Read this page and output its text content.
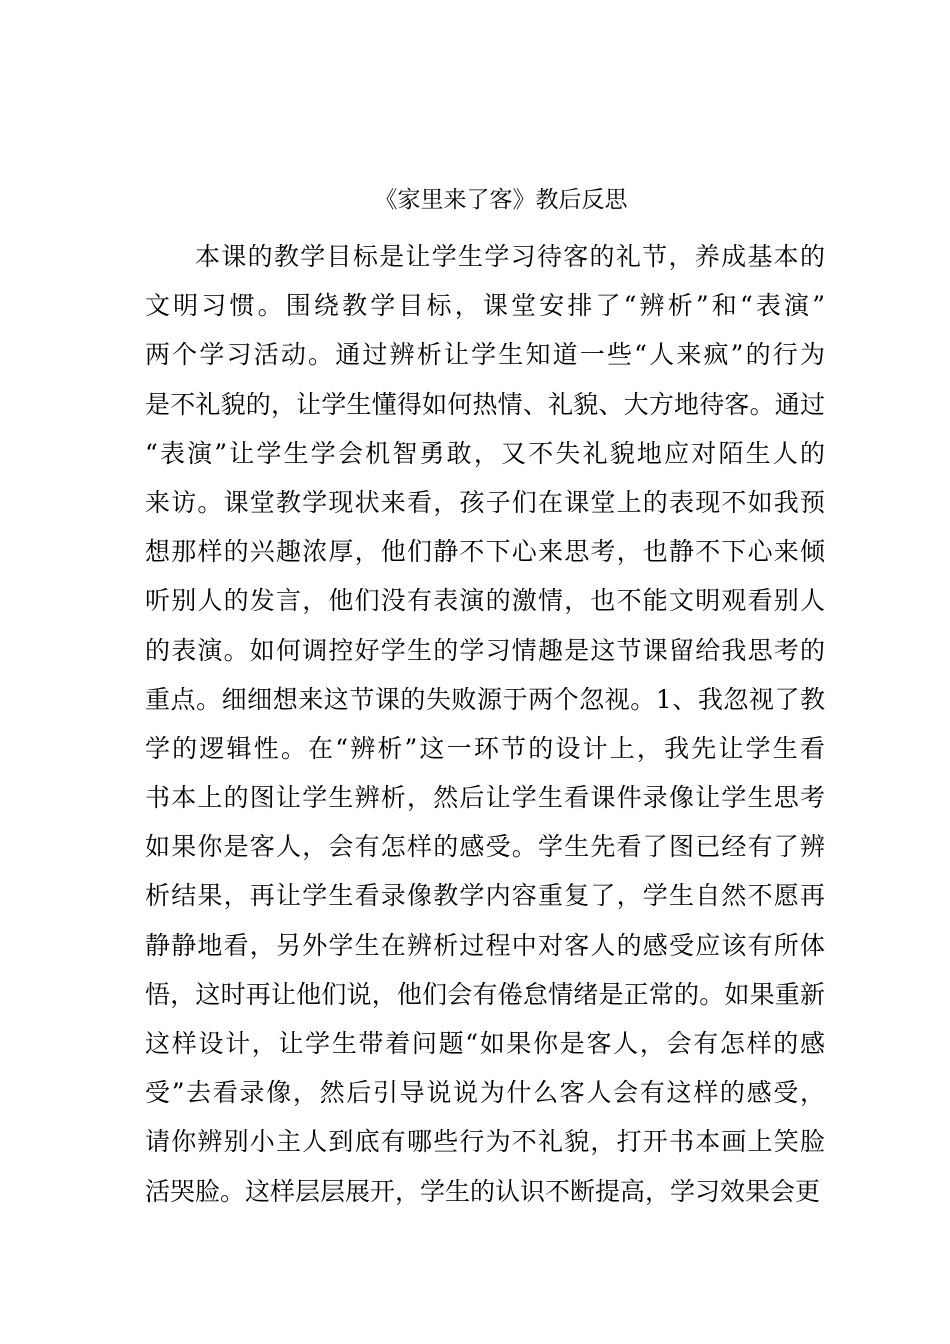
《家里来了客》教后反思
本课的教学目标是让学生学习待客的礼节，养成基本的
文明习惯。围绕教学目标，课堂安排了“辨析”和“表演”
两个学习活动。通过辨析让学生知道一些“人来疯”的行为
是不礼貌的，让学生懂得如何热情、礼貌、大方地待客。通过
“表演”让学生学会机智勇敢，又不失礼貌地应对陌生人的
来访。课堂教学现状来看，孩子们在课堂上的表现不如我预
想那样的兴趣浓厚，他们静不下心来思考，也静不下心来倾
听别人的发言，他们没有表演的激情，也不能文明观看别人
的表演。如何调控好学生的学习情趣是这节课留给我思考的
重点。细细想来这节课的失败源于两个忽视。1、我忽视了教
学的逻辑性。在“辨析”这一环节的设计上，我先让学生看
书本上的图让学生辨析，然后让学生看课件录像让学生思考
如果你是客人，会有怎样的感受。学生先看了图已经有了辨
析结果，再让学生看录像教学内容重复了，学生自然不愿再
静静地看，另外学生在辨析过程中对客人的感受应该有所体
悟，这时再让他们说，他们会有倦怠情绪是正常的。如果重新
这样设计，让学生带着问题“如果你是客人，会有怎样的感
受”去看录像，然后引导说说为什么客人会有这样的感受，
请你辨别小主人到底有哪些行为不礼貌，打开书本画上笑脸
活哭脸。这样层层展开，学生的认识不断提高，学习效果会更
